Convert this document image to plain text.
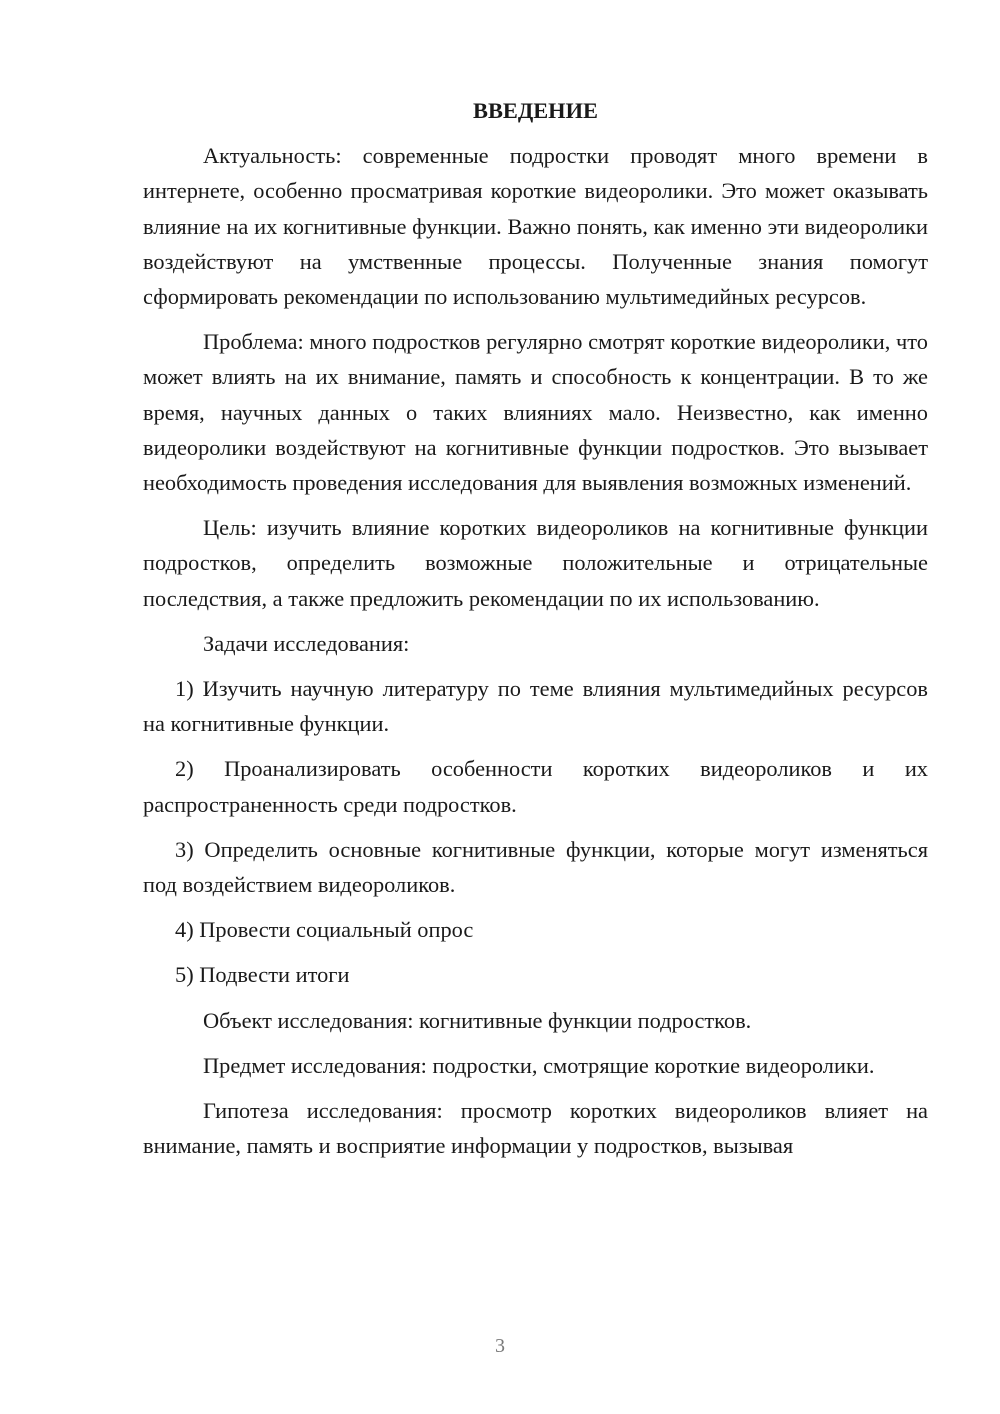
ВВЕДЕНИЕ

Актуальность: современные подростки проводят много времени в интернете, особенно просматривая короткие видеоролики. Это может оказывать влияние на их когнитивные функции. Важно понять, как именно эти видеоролики воздействуют на умственные процессы. Полученные знания помогут сформировать рекомендации по использованию мультимедийных ресурсов.

Проблема: много подростков регулярно смотрят короткие видеоролики, что может влиять на их внимание, память и способность к концентрации. В то же время, научных данных о таких влияниях мало. Неизвестно, как именно видеоролики воздействуют на когнитивные функции подростков. Это вызывает необходимость проведения исследования для выявления возможных изменений.

Цель: изучить влияние коротких видеороликов на когнитивные функции подростков, определить возможные положительные и отрицательные последствия, а также предложить рекомендации по их использованию.

Задачи исследования:

1) Изучить научную литературу по теме влияния мультимедийных ресурсов на когнитивные функции.

2) Проанализировать особенности коротких видеороликов и их распространенность среди подростков.

3) Определить основные когнитивные функции, которые могут изменяться под воздействием видеороликов.

4) Провести социальный опрос

5) Подвести итоги

Объект исследования: когнитивные функции подростков.

Предмет исследования: подростки, смотрящие короткие видеоролики.

Гипотеза исследования: просмотр коротких видеороликов влияет на внимание, память и восприятие информации у подростков, вызывая

3
